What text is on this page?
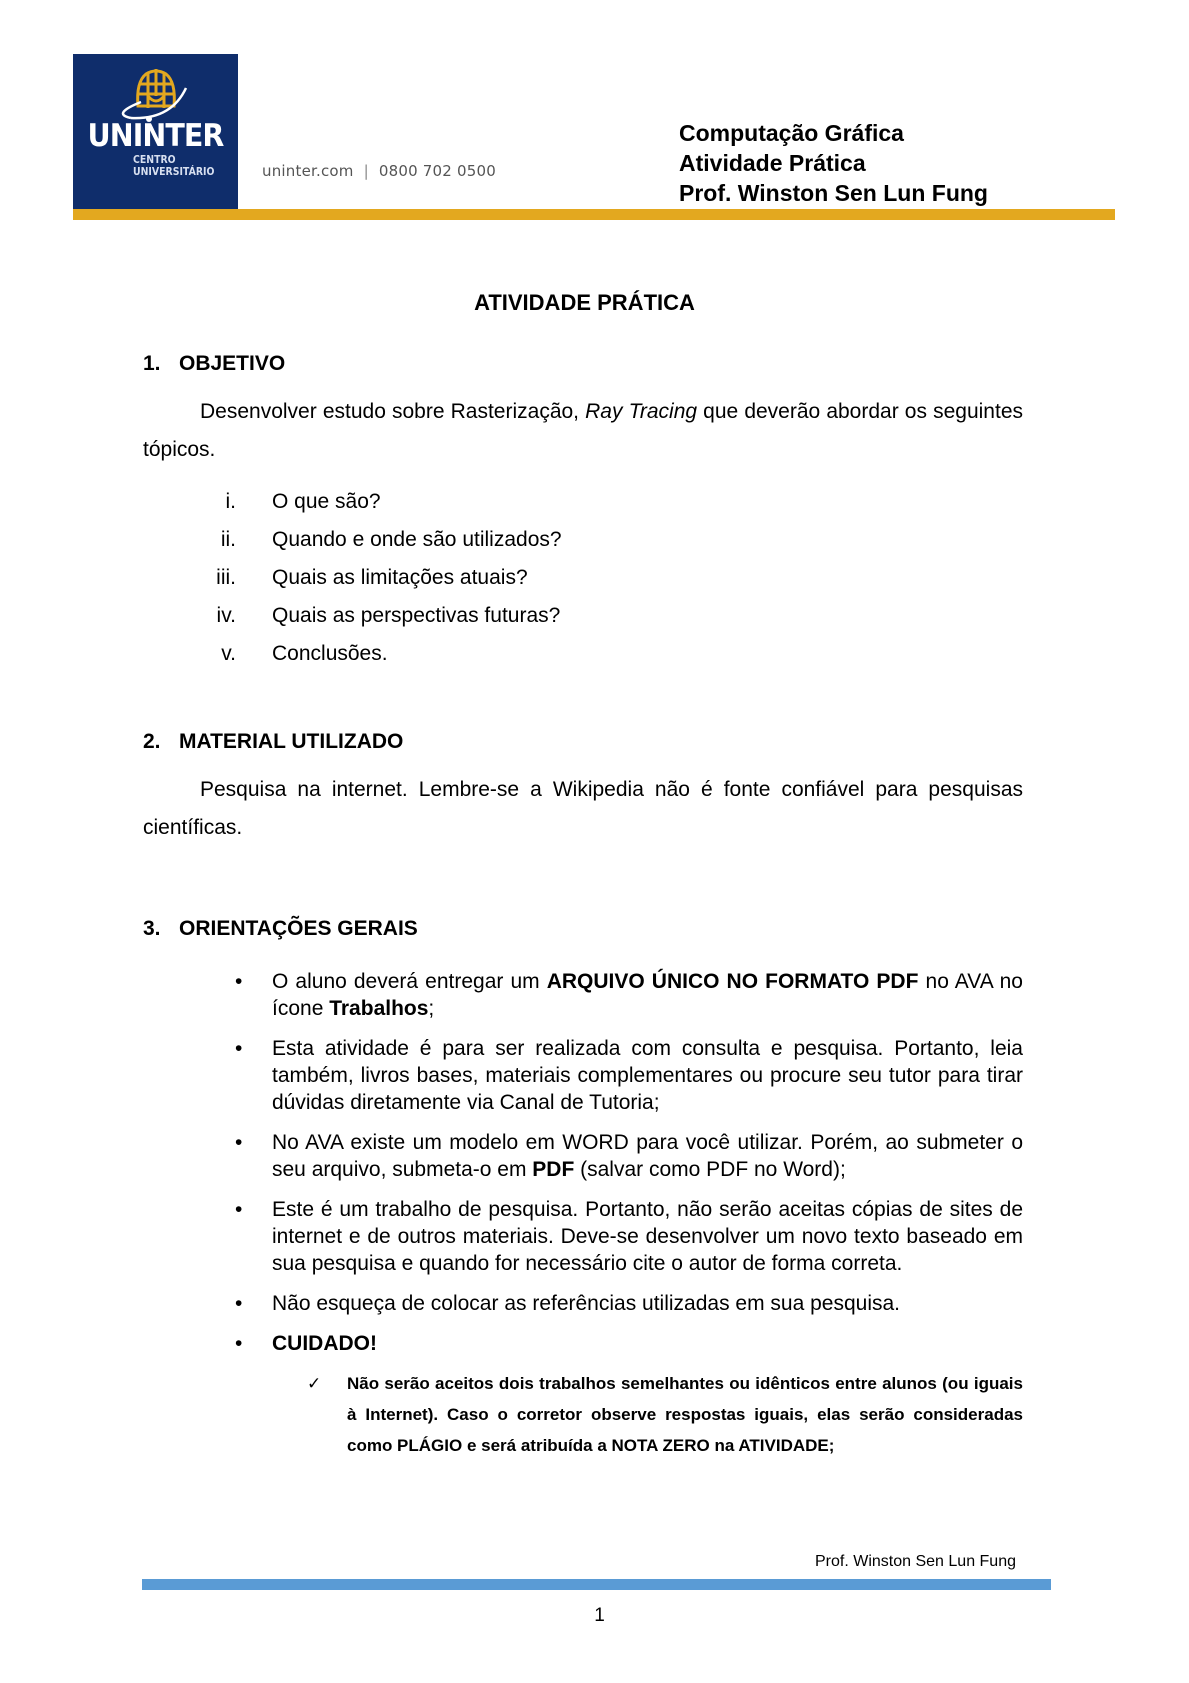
UNINTER
CENTRO
UNIVERSITÁRIO	uninter.com | 0800 702 0500
Computação Gráfica
Atividade Prática
Prof. Winston Sen Lun Fung
ATIVIDADE PRÁTICA
1. OBJETIVO
Desenvolver estudo sobre Rasterização, Ray Tracing que deverão abordar os seguintes tópicos.
i. O que são?
ii. Quando e onde são utilizados?
iii. Quais as limitações atuais?
iv. Quais as perspectivas futuras?
v. Conclusões.
2. MATERIAL UTILIZADO
Pesquisa na internet. Lembre-se a Wikipedia não é fonte confiável para pesquisas científicas.
3. ORIENTAÇÕES GERAIS
• O aluno deverá entregar um ARQUIVO ÚNICO NO FORMATO PDF no AVA no ícone Trabalhos;
• Esta atividade é para ser realizada com consulta e pesquisa. Portanto, leia também, livros bases, materiais complementares ou procure seu tutor para tirar dúvidas diretamente via Canal de Tutoria;
• No AVA existe um modelo em WORD para você utilizar. Porém, ao submeter o seu arquivo, submeta-o em PDF (salvar como PDF no Word);
• Este é um trabalho de pesquisa. Portanto, não serão aceitas cópias de sites de internet e de outros materiais. Deve-se desenvolver um novo texto baseado em sua pesquisa e quando for necessário cite o autor de forma correta.
• Não esqueça de colocar as referências utilizadas em sua pesquisa.
• CUIDADO!
✓ Não serão aceitos dois trabalhos semelhantes ou idênticos entre alunos (ou iguais à Internet). Caso o corretor observe respostas iguais, elas serão consideradas como PLÁGIO e será atribuída a NOTA ZERO na ATIVIDADE;
Prof. Winston Sen Lun Fung
1
